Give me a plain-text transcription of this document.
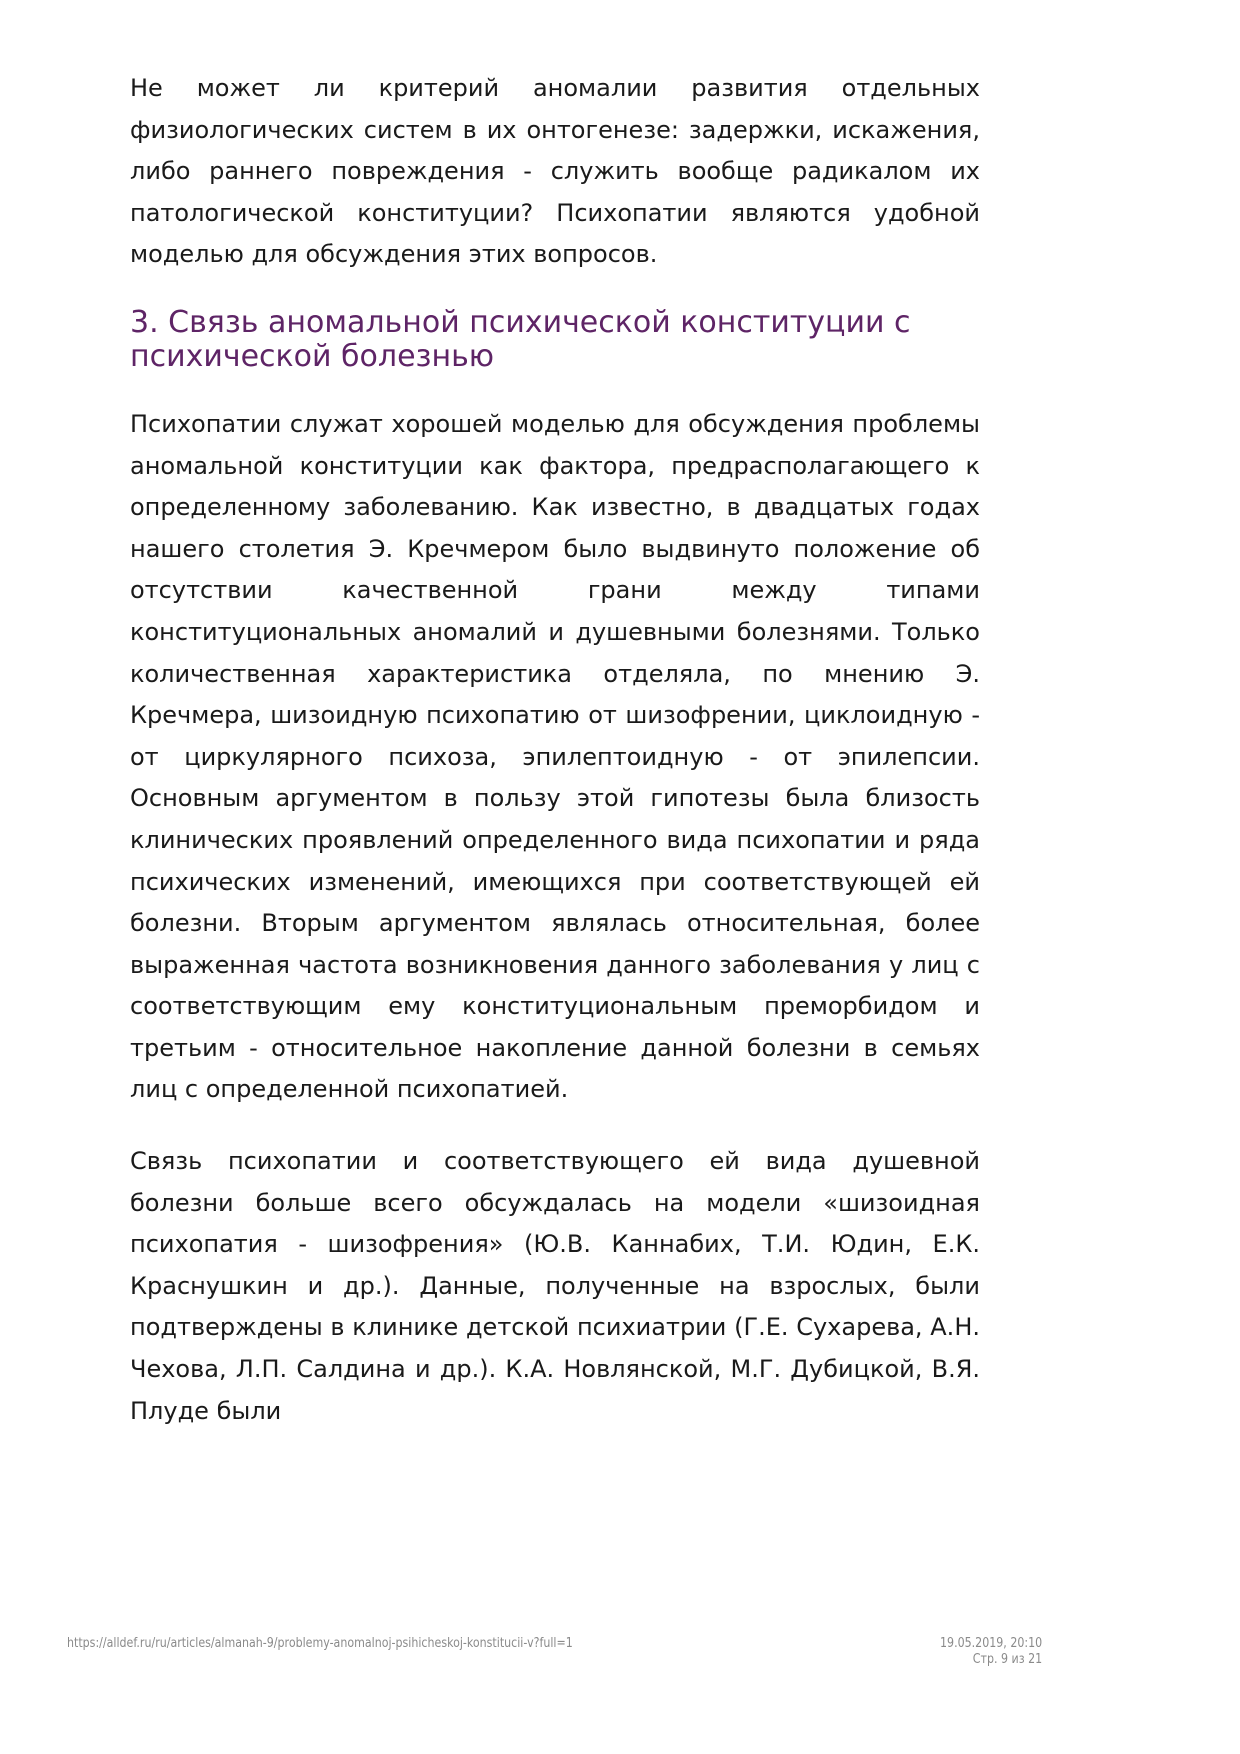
Не может ли критерий аномалии развития отдельных физиологических систем в их онтогенезе: задержки, искажения, либо раннего повреждения - служить вообще радикалом их патологической конституции? Психопатии являются удобной моделью для обсуждения этих вопросов.

3. Связь аномальной психической конституции с психической болезнью

Психопатии служат хорошей моделью для обсуждения проблемы аномальной конституции как фактора, предрасполагающего к определенному заболеванию. Как известно, в двадцатых годах нашего столетия Э. Кречмером было выдвинуто положение об отсутствии качественной грани между типами конституциональных аномалий и душевными болезнями. Только количественная характеристика отделяла, по мнению Э. Кречмера, шизоидную психопатию от шизофрении, циклоидную - от циркулярного психоза, эпилептоидную - от эпилепсии. Основным аргументом в пользу этой гипотезы была близость клинических проявлений определенного вида психопатии и ряда психических изменений, имеющихся при соответствующей ей болезни. Вторым аргументом являлась относительная, более выраженная частота возникновения данного заболевания у лиц с соответствующим ему конституциональным преморбидом и третьим - относительное накопление данной болезни в семьях лиц с определенной психопатией.

Связь психопатии и соответствующего ей вида душевной болезни больше всего обсуждалась на модели «шизоидная психопатия - шизофрения» (Ю.В. Каннабих, Т.И. Юдин, Е.К. Краснушкин и др.). Данные, полученные на взрослых, были подтверждены в клинике детской психиатрии (Г.Е. Сухарева, А.Н. Чехова, Л.П. Салдина и др.). К.А. Новлянской, М.Г. Дубицкой, В.Я. Плуде были

https://alldef.ru/ru/articles/almanah-9/problemy-anomalnoj-psihicheskoj-konstitucii-v?full=1	19.05.2019, 20:10
Стр. 9 из 21
